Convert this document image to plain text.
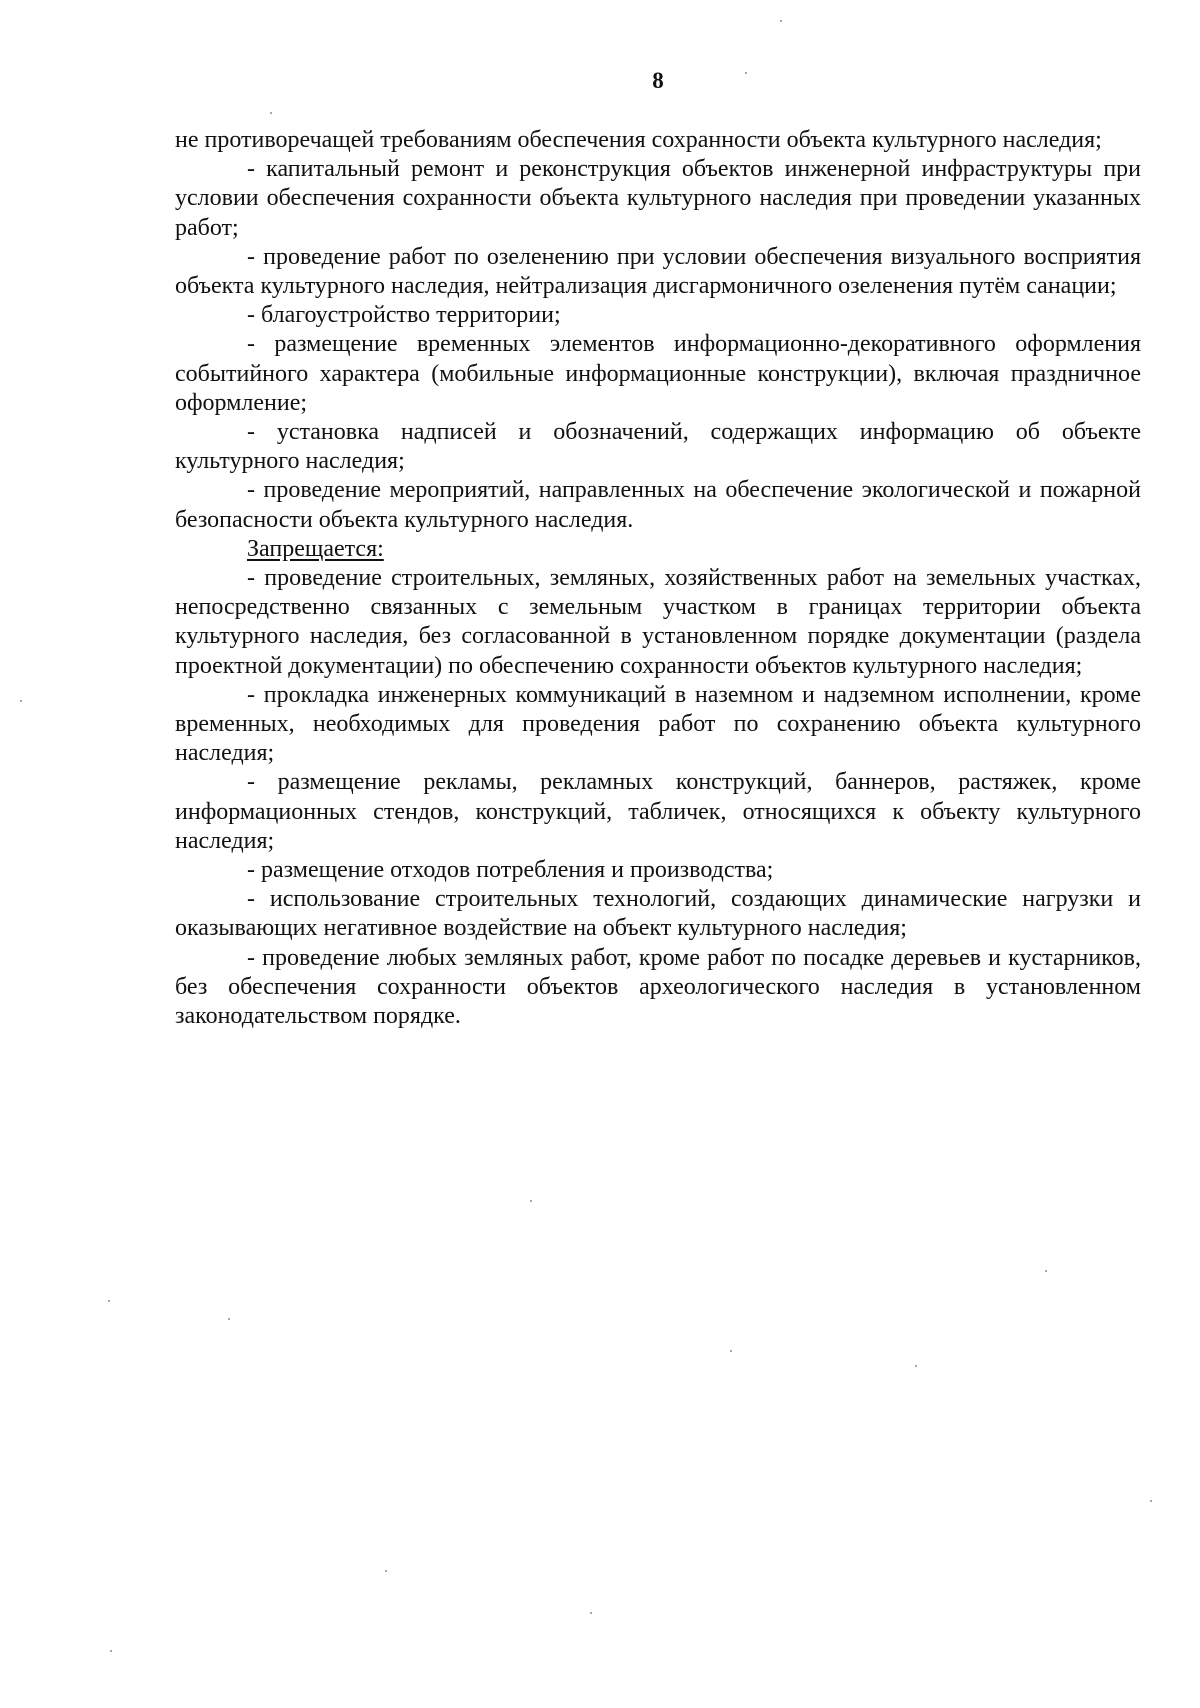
8

не противоречащей требованиям обеспечения сохранности объекта культурного наследия;

- капитальный ремонт и реконструкция объектов инженерной инфраструктуры при условии обеспечения сохранности объекта культурного наследия при проведении указанных работ;

- проведение работ по озеленению при условии обеспечения визуального восприятия объекта культурного наследия, нейтрализация дисгармоничного озеленения путём санации;

- благоустройство территории;

- размещение временных элементов информационно-декоративного оформления событийного характера (мобильные информационные конструкции), включая праздничное оформление;

- установка надписей и обозначений, содержащих информацию об объекте культурного наследия;

- проведение мероприятий, направленных на обеспечение экологической и пожарной безопасности объекта культурного наследия.

Запрещается:

- проведение строительных, земляных, хозяйственных работ на земельных участках, непосредственно связанных с земельным участком в границах территории объекта культурного наследия, без согласованной в установленном порядке документации (раздела проектной документации) по обеспечению сохранности объектов культурного наследия;

- прокладка инженерных коммуникаций в наземном и надземном исполнении, кроме временных, необходимых для проведения работ по сохранению объекта культурного наследия;

- размещение рекламы, рекламных конструкций, баннеров, растяжек, кроме информационных стендов, конструкций, табличек, относящихся к объекту культурного наследия;

- размещение отходов потребления и производства;

- использование строительных технологий, создающих динамические нагрузки и оказывающих негативное воздействие на объект культурного наследия;

- проведение любых земляных работ, кроме работ по посадке деревьев и кустарников, без обеспечения сохранности объектов археологического наследия в установленном законодательством порядке.
